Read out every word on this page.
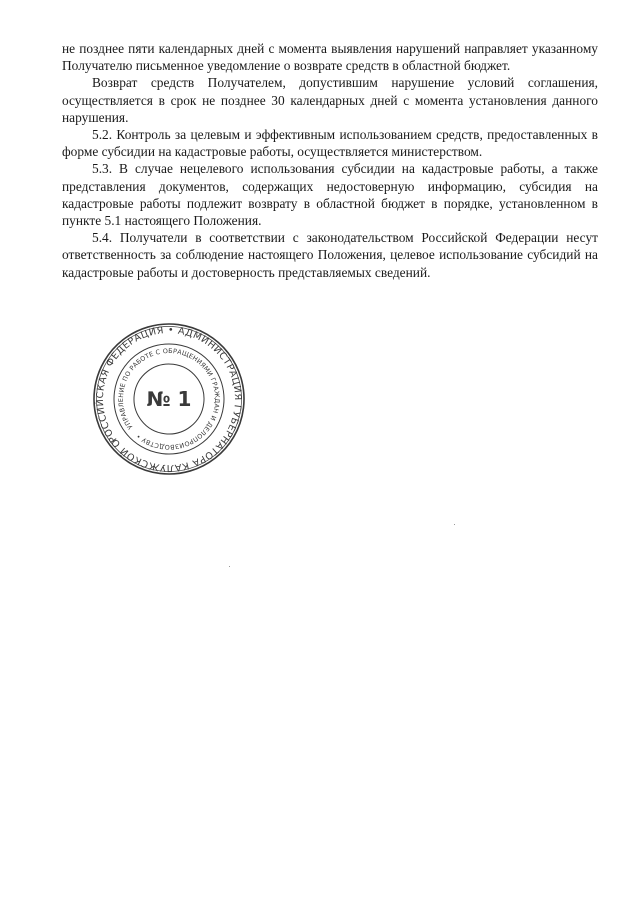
не позднее пяти календарных дней с момента выявления нарушений направляет указанному Получателю письменное уведомление о возврате средств в областной бюджет.

Возврат средств Получателем, допустившим нарушение условий соглашения, осуществляется в срок не позднее 30 календарных дней с момента установления данного нарушения.

5.2. Контроль за целевым и эффективным использованием средств, предоставленных в форме субсидии на кадастровые работы, осуществляется министерством.

5.3. В случае нецелевого использования субсидии на кадастровые работы, а также представления документов, содержащих недостоверную информацию, субсидия на кадастровые работы подлежит возврату в областной бюджет в порядке, установленном в пункте 5.1 настоящего Положения.

5.4. Получатели в соответствии с законодательством Российской Федерации несут ответственность за соблюдение настоящего Положения, целевое использование субсидий на кадастровые работы и достоверность представляемых сведений.

РОССИЙСКАЯ ФЕДЕРАЦИЯ • АДМИНИСТРАЦИЯ ГУБЕРНАТОРА КАЛУЖСКОЙ ОБЛАСТИ
УПРАВЛЕНИЕ ПО РАБОТЕ С ОБРАЩЕНИЯМИ ГРАЖДАН И ДЕЛОПРОИЗВОДСТВУ •
№ 1
